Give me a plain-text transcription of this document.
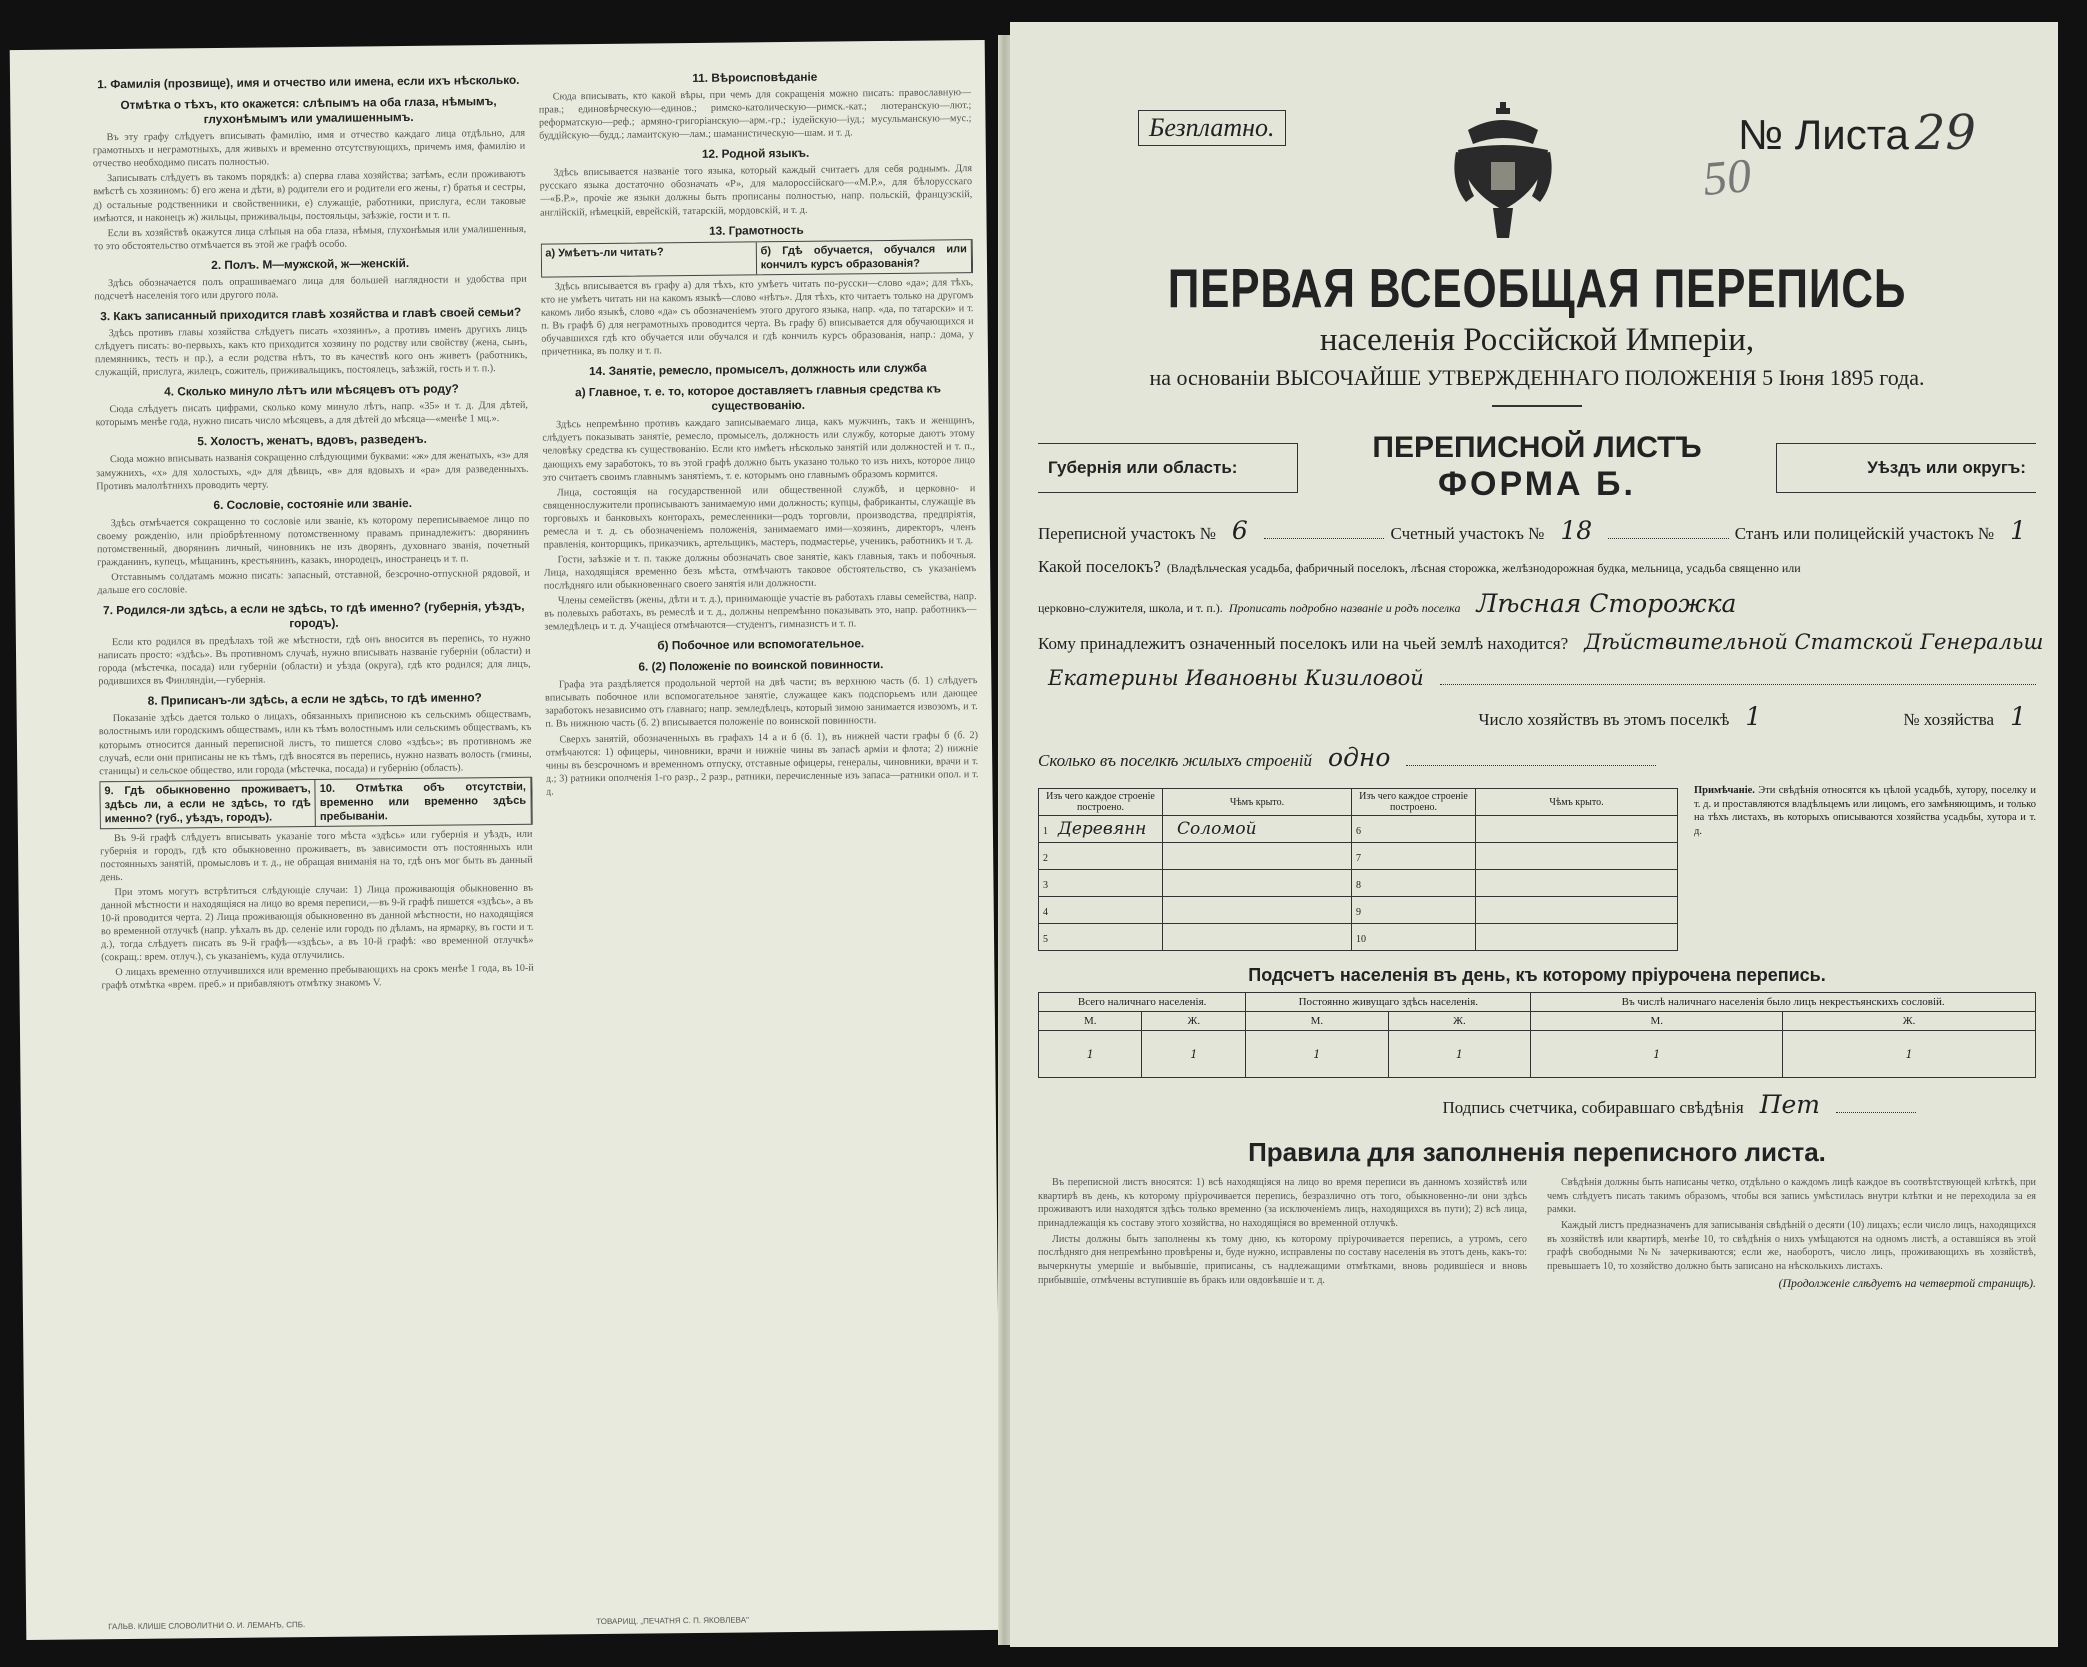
1. Фамилія (прозвище), имя и отчество или имена, если ихъ нѣсколько.
Отмѣтка о тѣхъ, кто окажется: слѣпымъ на оба глаза, нѣмымъ, глухонѣмымъ или умалишеннымъ.

Въ эту графу слѣдуетъ вписывать фамилію, имя и отчество каждаго лица отдѣльно, для грамотныхъ и неграмотныхъ, для живыхъ и временно отсутствующихъ, причемъ имя, фамилію и отчество необходимо писать полностью.

Записывать слѣдуетъ въ такомъ порядкѣ: а) сперва глава хозяйства; затѣмъ, если проживаютъ вмѣстѣ съ хозяиномъ: б) его жена и дѣти, в) родители его и родители его жены, г) братья и сестры, д) остальные родственники и свойственники, е) служащіе, работники, прислуга, если таковые имѣются, и наконецъ ж) жильцы, приживальцы, постояльцы, заѣзжіе, гости и т. п.

Если въ хозяйствѣ окажутся лица слѣпыя на оба глаза, нѣмыя, глухонѣмыя или умалишенныя, то это обстоятельство отмѣчается въ этой же графѣ особо.

2. Полъ. М—мужской, ж—женскій.

Здѣсь обозначается полъ опрашиваемаго лица для большей наглядности и удобства при подсчетѣ населенія того или другого пола.

3. Какъ записанный приходится главѣ хозяйства и главѣ своей семьи?

Здѣсь противъ главы хозяйства слѣдуетъ писать «хозяинъ», а противъ именъ другихъ лицъ слѣдуетъ писать: во-первыхъ, какъ кто приходится хозяину по родству или свойству (жена, сынъ, племянникъ, тесть и пр.), а если родства нѣтъ, то въ качествѣ кого онъ живетъ (работникъ, служащій, прислуга, жилецъ, сожитель, приживальщикъ, постоялецъ, заѣзжій, гость и т. п.).

4. Сколько минуло лѣтъ или мѣсяцевъ отъ роду?

Сюда слѣдуетъ писать цифрами, сколько кому минуло лѣтъ, напр. «35» и т. д. Для дѣтей, которымъ менѣе года, нужно писать число мѣсяцевъ, а для дѣтей до мѣсяца—«менѣе 1 мц.».

5. Холостъ, женатъ, вдовъ, разведенъ.

Сюда можно вписывать названія сокращенно слѣдующими буквами: «ж» для женатыхъ, «з» для замужнихъ, «х» для холостыхъ, «д» для дѣвицъ, «в» для вдовыхъ и «ра» для разведенныхъ. Противъ малолѣтнихъ проводить черту.

6. Сословіе, состояніе или званіе.

Здѣсь отмѣчается сокращенно то сословіе или званіе, къ которому переписываемое лицо по своему рожденію, или пріобрѣтенному потомственному правамъ принадлежитъ: дворянинъ потомственный, дворянинъ личный, чиновникъ не изъ дворянъ, духовнаго званія, почетный гражданинъ, купецъ, мѣщанинъ, крестьянинъ, казакъ, инородецъ, иностранецъ и т. п.

Отставнымъ солдатамъ можно писать: запасный, отставной, безсрочно-отпускной рядовой, и дальше его сословіе.

7. Родился-ли здѣсь, а если не здѣсь, то гдѣ именно? (губернія, уѣздъ, городъ).

Если кто родился въ предѣлахъ той же мѣстности, гдѣ онъ вносится въ перепись, то нужно написать просто: «здѣсь». Въ противномъ случаѣ, нужно вписывать названіе губерніи (области) и города (мѣстечка, посада) или губерніи (области) и уѣзда (округа), гдѣ кто родился; для лицъ, родившихся въ Финляндіи,—губернія.

8. Приписанъ-ли здѣсь, а если не здѣсь, то гдѣ именно?

Показаніе здѣсь дается только о лицахъ, обязанныхъ приписною къ сельскимъ обществамъ, волостнымъ или городскимъ обществамъ, или къ тѣмъ волостнымъ или сельскимъ обществамъ, къ которымъ относится данный переписной листъ, то пишется слово «здѣсь»; въ противномъ же случаѣ, если они приписаны не къ тѣмъ, гдѣ вносятся въ перепись, нужно назвать волость (гмины, станицы) и сельское общество, или города (мѣстечка, посада) и губернію (область).

9. Гдѣ обыкновенно проживаетъ, здѣсь ли, а если не здѣсь, то гдѣ именно? (губ., уѣздъ, городъ).
10. Отмѣтка объ отсутствіи, временно или временно здѣсь пребываніи.

Въ 9-й графѣ слѣдуетъ вписывать указаніе того мѣста «здѣсь» или губернія и уѣздъ, или губернія и городъ, гдѣ кто обыкновенно проживаетъ, въ зависимости отъ постоянныхъ или постоянныхъ занятій, промысловъ и т. д., не обращая вниманія на то, гдѣ онъ мог быть въ данный день.

При этомъ могутъ встрѣтиться слѣдующіе случаи: 1) Лица проживающія обыкновенно въ данной мѣстности и находящіяся на лицо во время переписи,—въ 9-й графѣ пишется «здѣсь», а въ 10-й проводится черта. 2) Лица проживающія обыкновенно въ данной мѣстности, но находящіяся во временной отлучкѣ (напр. уѣхалъ въ др. селеніе или городъ по дѣламъ, на ярмарку, въ гости и т. д.), тогда слѣдуетъ писать въ 9-й графѣ—«здѣсь», а въ 10-й графѣ: «во временной отлучкѣ» (сокращ.: врем. отлуч.), съ указаніемъ, куда отлучились.

О лицахъ временно отлучившихся или временно пребывающихъ на срокъ менѣе 1 года, въ 10-й графѣ отмѣтка «врем. преб.» и прибавляютъ отмѣтку знакомъ V.

11. Вѣроисповѣданіе

Сюда вписывать, кто какой вѣры, при чемъ для сокращенія можно писать: православную—прав.; единовѣрческую—единов.; римско-католическую—римск.-кат.; лютеранскую—лют.; реформатскую—реф.; армяно-григоріанскую—арм.-гр.; іудейскую—іуд.; мусульманскую—мус.; буддійскую—будд.; ламаитскую—лам.; шаманистическую—шам. и т. д.

12. Родной языкъ.

Здѣсь вписывается названіе того языка, который каждый считаетъ для себя роднымъ. Для русскаго языка достаточно обозначать «Р», для малороссійскаго—«М.Р.», для бѣлорусскаго—«Б.Р.», прочіе же языки должны быть прописаны полностью, напр. польскій, французскій, англійскій, нѣмецкій, еврейскій, татарскій, мордовскій, и т. д.

13. Грамотность
а) Умѣетъ-ли читать?	б) Гдѣ обучается, обучался или кончилъ курсъ образованія?

Здѣсь вписывается въ графу а) для тѣхъ, кто умѣетъ читать по-русски—слово «да»; для тѣхъ, кто не умѣетъ читать ни на какомъ языкѣ—слово «нѣтъ». Для тѣхъ, кто читаетъ только на другомъ какомъ либо языкѣ, слово «да» съ обозначеніемъ этого другого языка, напр. «да, по татарски» и т. п. Въ графѣ б) для неграмотныхъ проводится черта. Въ графу б) вписывается для обучающихся и обучавшихся гдѣ кто обучается или обучался и гдѣ кончилъ курсъ образованія, напр.: дома, у причетника, въ полку и т. п.

14. Занятіе, ремесло, промыселъ, должность или служба
а) Главное, т. е. то, которое доставляетъ главныя средства къ существованію.

Здѣсь непремѣнно противъ каждаго записываемаго лица, какъ мужчинъ, такъ и женщинъ, слѣдуетъ показывать занятіе, ремесло, промыселъ, должность или службу, которые даютъ этому человѣку средства къ существованію. Если кто имѣетъ нѣсколько занятій или должностей и т. п., дающихъ ему заработокъ, то въ этой графѣ должно быть указано только то изъ нихъ, которое лицо это считаетъ своимъ главнымъ занятіемъ, т. е. которымъ оно главнымъ образомъ кормится.

Лица, состоящія на государственной или общественной службѣ, и церковно- и священнослужители прописываютъ занимаемую ими должность; купцы, фабриканты, служащіе въ торговыхъ и банковыхъ конторахъ, ремесленники—родъ торговли, производства, предпріятія, ремесла и т. д. съ обозначеніемъ положенія, занимаемаго ими—хозяинъ, директоръ, членъ правленія, конторщикъ, приказчикъ, артельщикъ, мастеръ, подмастерье, ученикъ, работникъ и т. д.

Гости, заѣзжіе и т. п. также должны обозначать свое занятіе, какъ главныя, такъ и побочныя. Лица, находящіяся временно безъ мѣста, отмѣчаютъ таковое обстоятельство, съ указаніемъ послѣдняго или обыкновеннаго своего занятія или должности.

Члены семействъ (жены, дѣти и т. д.), принимающіе участіе въ работахъ главы семейства, напр. въ полевыхъ работахъ, въ ремеслѣ и т. д., должны непремѣнно показывать это, напр. работникъ—земледѣлецъ и т. д. Учащіеся отмѣчаются—студентъ, гимназистъ и т. п.

б) Побочное или вспомогательное.
6. (2) Положеніе по воинской повинности.

Графа эта раздѣляется продольной чертой на двѣ части; въ верхнюю часть (б. 1) слѣдуетъ вписывать побочное или вспомогательное занятіе, служащее какъ подспорьемъ или дающее заработокъ независимо отъ главнаго; напр. земледѣлецъ, который зимою занимается извозомъ, и т. п. Въ нижнюю часть (б. 2) вписывается положеніе по воинской повинности.

Сверхъ занятій, обозначенныхъ въ графахъ 14 а и б (б. 1), въ нижней части графы б (б. 2) отмѣчаются: 1) офицеры, чиновники, врачи и нижніе чины въ запасѣ арміи и флота; 2) нижніе чины въ безсрочномъ и временномъ отпуску, отставные офицеры, генералы, чиновники, врачи и т. д.; 3) ратники ополченія 1-го разр., 2 разр., ратники, перечисленные изъ запаса—ратники опол. и т. д.

ГАЛЬВ. КЛИШЕ СЛОВОЛИТНИ О. И. ЛЕМАНЪ, СПБ.	ТОВАРИЩ. „ПЕЧАТНЯ С. П. ЯКОВЛЕВА"
Безплатно.	№ Листа 29
50
ПЕРВАЯ ВСЕОБЩАЯ ПЕРЕПИСЬ
населенія Россійской Имперіи,
на основаніи ВЫСОЧАЙШЕ УТВЕРЖДЕННАГО ПОЛОЖЕНІЯ 5 Іюня 1895 года.
Губернія или область:
ПЕРЕПИСНОЙ ЛИСТЪ
ФОРМА Б.	Уѣздъ или округъ:
Переписной участокъ № 6	Счетный участокъ № 18	Станъ или полицейскій участокъ № 1
Какой поселокъ? (Владѣльческая усадьба, фабричный поселокъ, лѣсная сторожка, желѣзнодорожная будка, мельница, усадьба священно или
церковно-служителя, школа, и т. п.). Прописать подробно названіе и родъ поселка Лѣсная Сторожка
Кому принадлежитъ означенный поселокъ или на чьей землѣ находится? Дѣйствительной Статской Генеральш
Екатерины Ивановны Кизиловой
Число хозяйствъ въ этомъ поселкѣ 1	№ хозяйства 1
Сколько въ поселкѣ жилыхъ строеній одно
Изъ чего каждое строеніе построено.	Чѣмъ крыто.	Изъ чего каждое строеніе построено.	Чѣмъ крыто.
1 Деревянн	Соломой	6	
2		7	
3		8	
4		9	
5		10	
Примѣчаніе. Эти свѣдѣнія относятся къ цѣлой усадьбѣ, хутору, поселку и т. д. и проставляются владѣльцемъ или лицомъ, его замѣняющимъ, и только на тѣхъ листахъ, въ которыхъ описываются хозяйства усадьбы, хутора и т. д.
Подсчетъ населенія въ день, къ которому пріурочена перепись.
Всего наличнаго населенія.		Постоянно живущаго здѣсь населенія.		Въ числѣ наличнаго населенія было лицъ некрестьянскихъ сословій.	
М.	Ж.	М.	Ж.	М.	Ж.
1	1	1	1	1	1
Подпись счетчика, собиравшаго свѣдѣнія Пет
Правила для заполненія переписного листа.

Въ переписной листъ вносятся: 1) всѣ находящіяся на лицо во время переписи въ данномъ хозяйствѣ или квартирѣ въ день, къ которому пріурочивается перепись, безразлично отъ того, обыкновенно-ли они здѣсь проживаютъ или находятся здѣсь только временно (за исключеніемъ лицъ, находящихся въ пути); 2) всѣ лица, принадлежащія къ составу этого хозяйства, но находящіяся во временной отлучкѣ.

Листы должны быть заполнены къ тому дню, къ которому пріурочивается перепись, а утромъ, сего послѣдняго дня непремѣнно провѣрены и, буде нужно, исправлены по составу населенія въ этотъ день, какъ-то: вычеркнуты умершіе и выбывшіе, приписаны, съ надлежащими отмѣтками, вновь родившіеся и вновь прибывшіе, отмѣчены вступившіе въ бракъ или овдовѣвшіе и т. д.

Свѣдѣнія должны быть написаны четко, отдѣльно о каждомъ лицѣ каждое въ соотвѣтствующей клѣткѣ, при чемъ слѣдуетъ писать такимъ образомъ, чтобы вся запись умѣстилась внутри клѣтки и не переходила за ея рамки.

Каждый листъ предназначенъ для записыванія свѣдѣній о десяти (10) лицахъ; если число лицъ, находящихся въ хозяйствѣ или квартирѣ, менѣе 10, то свѣдѣнія о нихъ умѣщаются на одномъ листѣ, а оставшіяся въ этой графѣ свободными №№ зачеркиваются; если же, наоборотъ, число лицъ, проживающихъ въ хозяйствѣ, превышаетъ 10, то хозяйство должно быть записано на нѣсколькихъ листахъ.

(Продолженіе слѣдуетъ на четвертой страницѣ).
